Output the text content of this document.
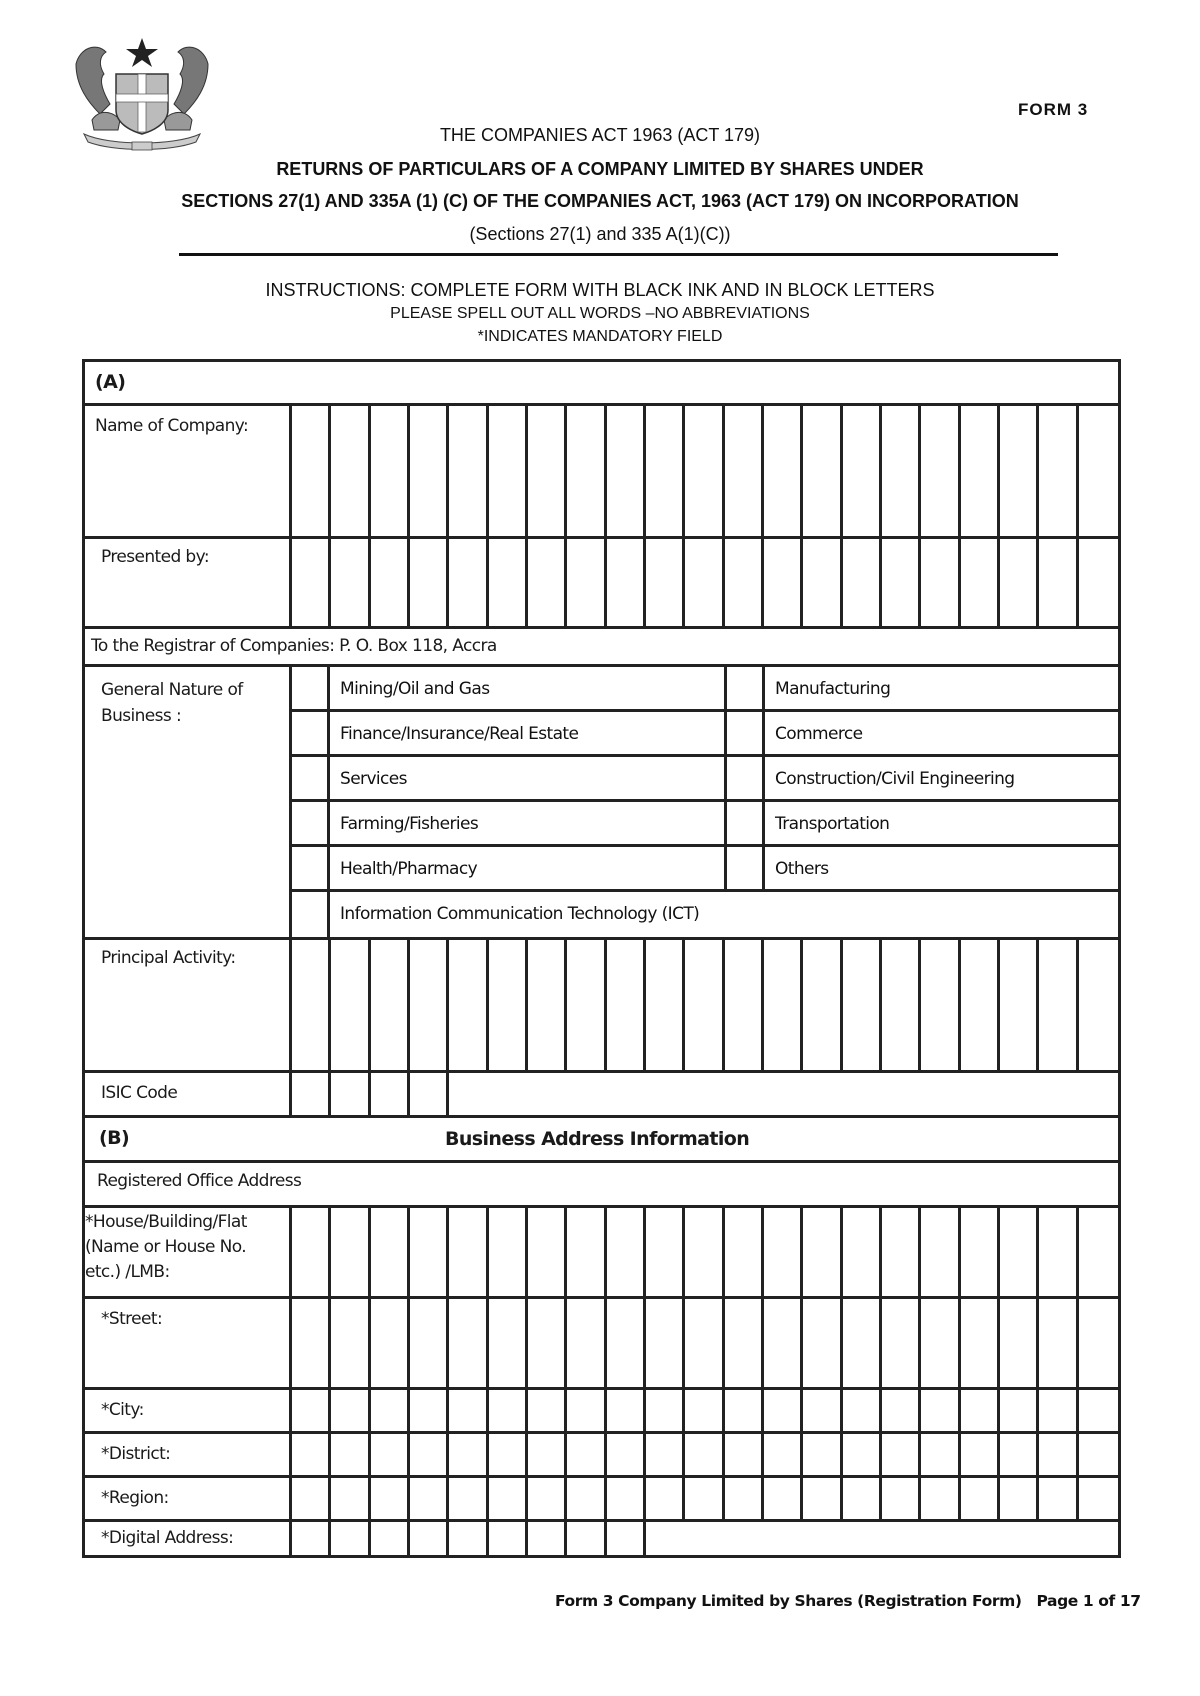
FORM 3
THE COMPANIES ACT 1963 (ACT 179)
RETURNS OF PARTICULARS OF A COMPANY LIMITED BY SHARES UNDER
SECTIONS 27(1) AND 335A (1) (C) OF THE COMPANIES ACT, 1963 (ACT 179) ON INCORPORATION
(Sections 27(1) and 335 A(1)(C))
INSTRUCTIONS: COMPLETE FORM WITH BLACK INK AND IN BLOCK LETTERS
PLEASE SPELL OUT ALL WORDS –NO ABBREVIATIONS
*INDICATES MANDATORY FIELD
(A)
Name of Company:
Presented by:
To the Registrar of Companies: P. O. Box 118, Accra
General Nature of Business :
Mining/Oil and Gas	Manufacturing
Finance/Insurance/Real Estate	Commerce
Services	Construction/Civil Engineering
Farming/Fisheries	Transportation
Health/Pharmacy	Others
Information Communication Technology (ICT)
Principal Activity:
ISIC Code
(B)	Business Address Information
Registered Office Address
*House/Building/Flat
(Name or House No.
etc.) /LMB:
*Street:
*City:
*District:
*Region:
*Digital Address:
Form 3 Company Limited by Shares (Registration Form)   Page 1 of 17
